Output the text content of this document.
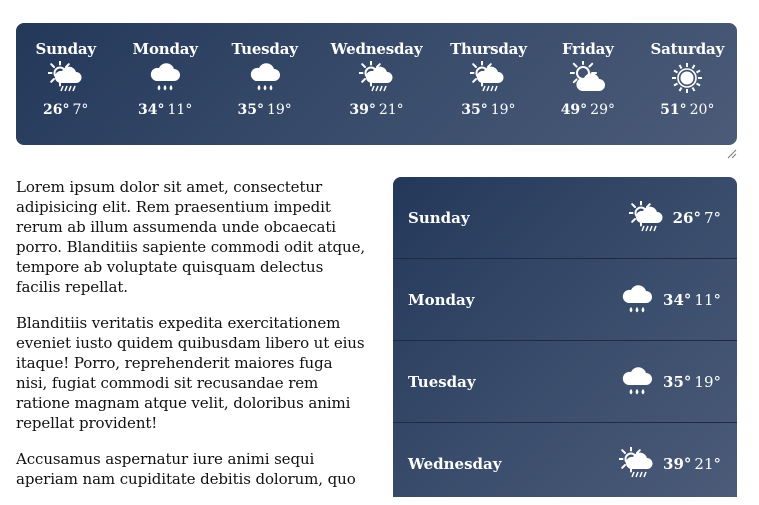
Sunday
26° 7°
Monday
34° 11°
Tuesday
35° 19°
Wednesday
39° 21°
Thursday
35° 19°
Friday
49° 29°
Saturday
51° 20°

Lorem ipsum dolor sit amet, consectetur adipisicing elit. Rem praesentium impedit rerum ab illum assumenda unde obcaecati porro. Blanditiis sapiente commodi odit atque, tempore ab voluptate quisquam delectus facilis repellat.

Blanditiis veritatis expedita exercitationem eveniet iusto quidem quibusdam libero ut eius itaque! Porro, reprehenderit maiores fuga nisi, fugiat commodi sit recusandae rem ratione magnam atque velit, doloribus animi repellat provident!

Accusamus aspernatur iure animi sequi aperiam nam cupiditate debitis dolorum, quo

Sunday	26° 7°
Monday	34° 11°
Tuesday	35° 19°
Wednesday	39° 21°
